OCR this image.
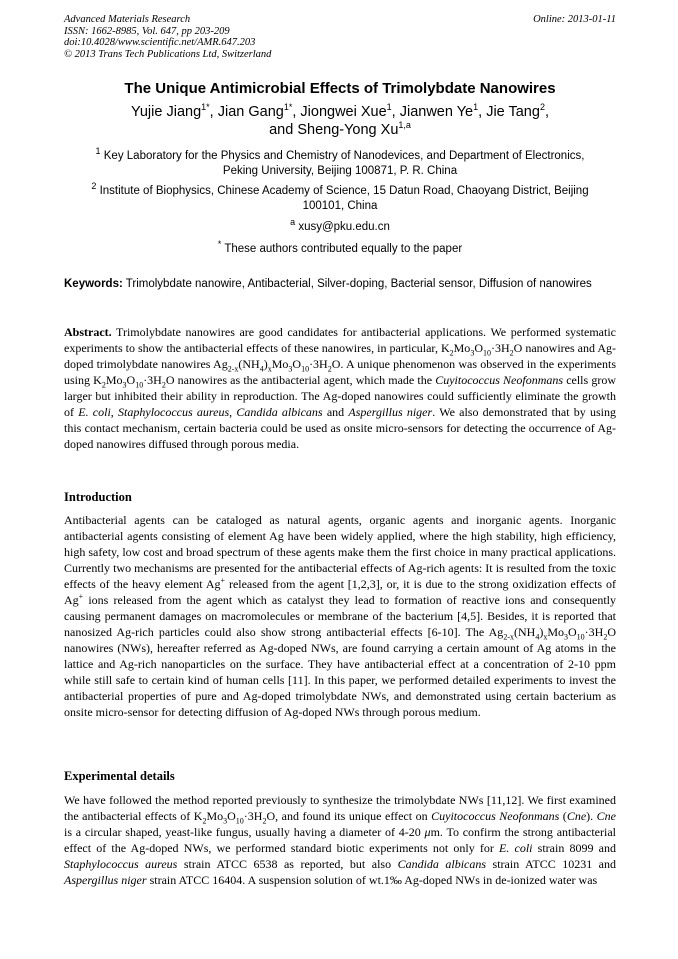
Advanced Materials Research
ISSN: 1662-8985, Vol. 647, pp 203-209
doi:10.4028/www.scientific.net/AMR.647.203
© 2013 Trans Tech Publications Ltd, Switzerland
Online: 2013-01-11
The Unique Antimicrobial Effects of Trimolybdate Nanowires
Yujie Jiang$^{1*}$, Jian Gang$^{1*}$, Jiongwei Xue$^1$, Jianwen Ye$^1$, Jie Tang$^2$,
and Sheng-Yong Xu$^{1,a}$
$^1$ Key Laboratory for the Physics and Chemistry of Nanodevices, and Department of Electronics,
Peking University, Beijing 100871, P. R. China
$^2$ Institute of Biophysics, Chinese Academy of Science, 15 Datun Road, Chaoyang District, Beijing
100101, China
$^a$ xusy@pku.edu.cn
* These authors contributed equally to the paper
Keywords: Trimolybdate nanowire, Antibacterial, Silver-doping, Bacterial sensor, Diffusion of nanowires
Abstract. Trimolybdate nanowires are good candidates for antibacterial applications. We performed systematic experiments to show the antibacterial effects of these nanowires, in particular, $K_2Mo_3O_{10}\cdot 3H_2O$ nanowires and Ag-doped trimolybdate nanowires $Ag_{2-x}(NH_4)_xMo_3O_{10}\cdot 3H_2O$. A unique phenomenon was observed in the experiments using $K_2Mo_3O_{10}\cdot 3H_2O$ nanowires as the antibacterial agent, which made the Cuyitococcus Neofonmans cells grow larger but inhibited their ability in reproduction. The Ag-doped nanowires could sufficiently eliminate the growth of E. coli, Staphylococcus aureus, Candida albicans and Aspergillus niger. We also demonstrated that by using this contact mechanism, certain bacteria could be used as onsite micro-sensors for detecting the occurrence of Ag-doped nanowires diffused through porous media.
Introduction
Antibacterial agents can be cataloged as natural agents, organic agents and inorganic agents. Inorganic antibacterial agents consisting of element Ag have been widely applied, where the high stability, high efficiency, high safety, low cost and broad spectrum of these agents make them the first choice in many practical applications. Currently two mechanisms are presented for the antibacterial effects of Ag-rich agents: It is resulted from the toxic effects of the heavy element Ag+ released from the agent [1,2,3], or, it is due to the strong oxidization effects of Ag+ ions released from the agent which as catalyst they lead to formation of reactive ions and consequently causing permanent damages on macromolecules or membrane of the bacterium [4,5]. Besides, it is reported that nanosized Ag-rich particles could also show strong antibacterial effects [6-10]. The $Ag_{2-x}(NH_4)_xMo_3O_{10}\cdot 3H_2O$ nanowires (NWs), hereafter referred as Ag-doped NWs, are found carrying a certain amount of Ag atoms in the lattice and Ag-rich nanoparticles on the surface. They have antibacterial effect at a concentration of 2-10 ppm while still safe to certain kind of human cells [11]. In this paper, we performed detailed experiments to invest the antibacterial properties of pure and Ag-doped trimolybdate NWs, and demonstrated using certain bacterium as onsite micro-sensor for detecting diffusion of Ag-doped NWs through porous medium.
Experimental details
We have followed the method reported previously to synthesize the trimolybdate NWs [11,12]. We first examined the antibacterial effects of $K_2Mo_3O_{10}\cdot 3H_2O$, and found its unique effect on Cuyitococcus Neofonmans (Cne). Cne is a circular shaped, yeast-like fungus, usually having a diameter of 4-20 μm. To confirm the strong antibacterial effect of the Ag-doped NWs, we performed standard biotic experiments not only for E. coli strain 8099 and Staphylococcus aureus strain ATCC 6538 as reported, but also Candida albicans strain ATCC 10231 and Aspergillus niger strain ATCC 16404. A suspension solution of wt.1‰ Ag-doped NWs in de-ionized water was
